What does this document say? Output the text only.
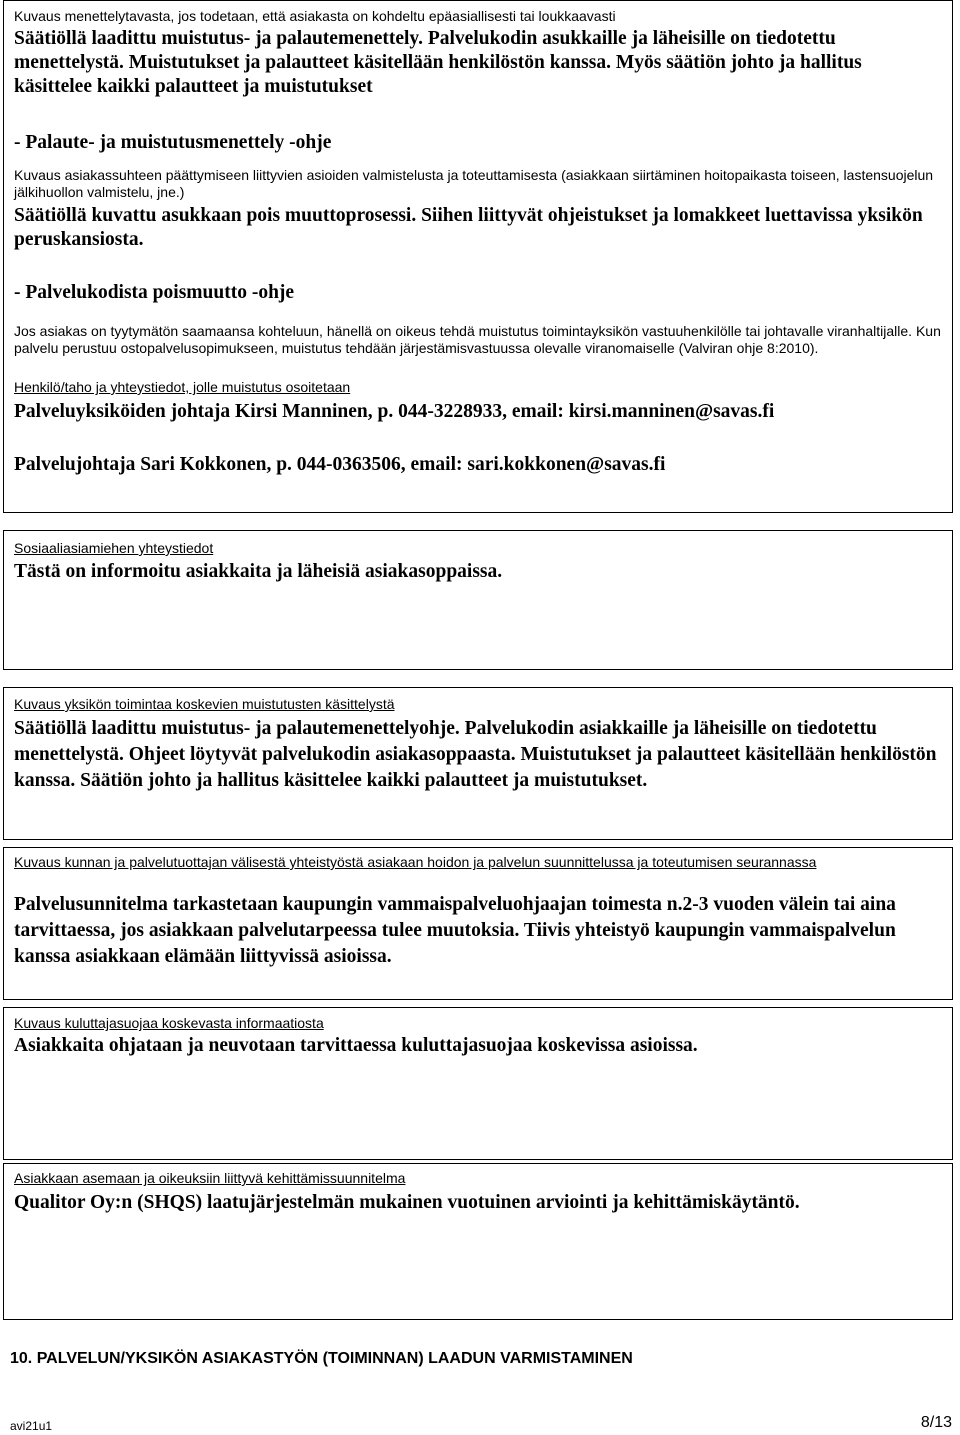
Kuvaus menettelytavasta, jos todetaan, että asiakasta on kohdeltu epäasiallisesti tai loukkaavasti

Säätiöllä laadittu muistutus- ja palautemenettely. Palvelukodin asukkaille ja läheisille on tiedotettu menettelystä. Muistutukset ja palautteet käsitellään henkilöstön kanssa. Myös säätiön johto ja hallitus käsittelee kaikki palautteet ja muistutukset

- Palaute- ja muistutusmenettely -ohje

Kuvaus asiakassuhteen päättymiseen liittyvien asioiden valmistelusta ja toteuttamisesta (asiakkaan siirtäminen hoitopaikasta toiseen, lastensuojelun jälkihuollon valmistelu, jne.)

Säätiöllä kuvattu asukkaan pois muuttoprosessi. Siihen liittyvät ohjeistukset ja lomakkeet luettavissa yksikön peruskansiosta.

- Palvelukodista poismuutto -ohje

Jos asiakas on tyytymätön saamaansa kohteluun, hänellä on oikeus tehdä muistutus toimintayksikön vastuuhenkilölle tai johtavalle viranhaltijalle. Kun palvelu perustuu ostopalvelusopimukseen, muistutus tehdään järjestämisvastuussa olevalle viranomaiselle (Valviran ohje 8:2010).

Henkilö/taho ja yhteystiedot, jolle muistutus osoitetaan

Palveluyksiköiden johtaja Kirsi Manninen, p. 044-3228933, email: kirsi.manninen@savas.fi

Palvelujohtaja Sari Kokkonen, p. 044-0363506, email: sari.kokkonen@savas.fi

Sosiaaliasiamiehen yhteystiedot

Tästä on informoitu asiakkaita ja läheisiä asiakasoppaissa.

Kuvaus yksikön toimintaa koskevien muistutusten käsittelystä

Säätiöllä laadittu muistutus- ja palautemenettelyohje. Palvelukodin asiakkaille ja läheisille on tiedotettu menettelystä. Ohjeet löytyvät palvelukodin asiakasoppaasta. Muistutukset ja palautteet käsitellään henkilöstön kanssa. Säätiön johto ja hallitus käsittelee kaikki palautteet ja muistutukset.

Kuvaus kunnan ja palvelutuottajan välisestä yhteistyöstä asiakaan hoidon ja palvelun suunnittelussa ja toteutumisen seurannassa

Palvelusunnitelma tarkastetaan kaupungin vammaispalveluohjaajan toimesta n.2-3 vuoden välein tai aina tarvittaessa, jos asiakkaan palvelutarpeessa tulee muutoksia. Tiivis yhteistyö kaupungin vammaispalvelun kanssa asiakkaan elämään liittyvissä asioissa.

Kuvaus kuluttajasuojaa koskevasta informaatiosta

Asiakkaita ohjataan ja neuvotaan tarvittaessa kuluttajasuojaa koskevissa asioissa.

Asiakkaan asemaan ja oikeuksiin liittyvä kehittämissuunnitelma

Qualitor Oy:n (SHQS) laatujärjestelmän mukainen vuotuinen arviointi ja kehittämiskäytäntö.

10. PALVELUN/YKSIKÖN ASIAKASTYÖN (TOIMINNAN) LAADUN VARMISTAMINEN
avi21u1	8/13
